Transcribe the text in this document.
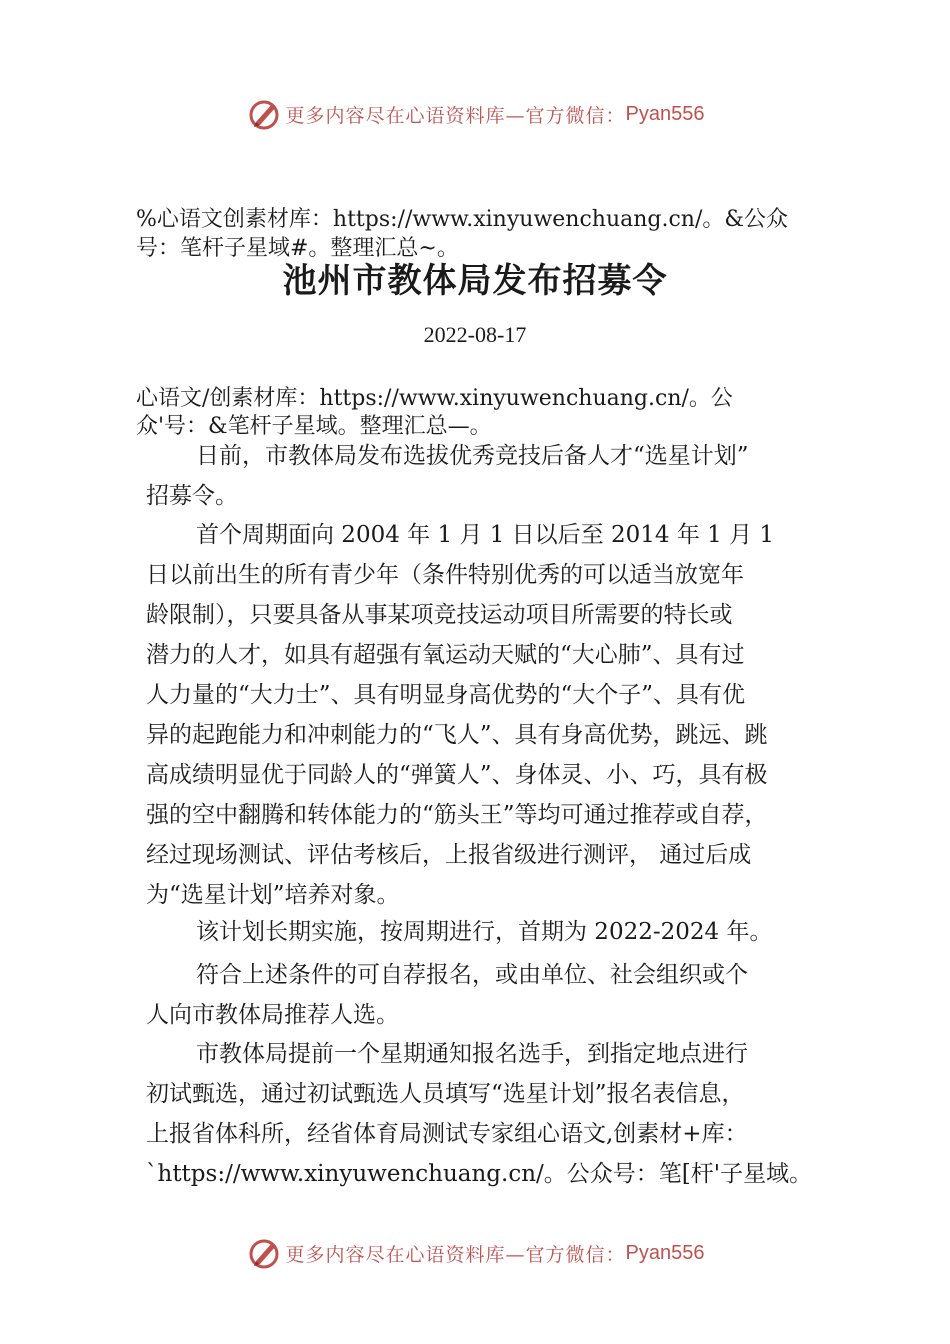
更多内容尽在心语资料库—官方微信： Pyan556
%心语文创素材库：https://www.xinyuwenchuang.cn/。&公众
号：笔杆子星域#。整理汇总~。
池州市教体局发布招募令
2022-08-17
心语文/创素材库：https://www.xinyuwenchuang.cn/。公
众'号：&笔杆子星域。整理汇总—。
日前，市教体局发布选拔优秀竞技后备人才“选星计划”
招募令。
首个周期面向 2004 年 1 月 1 日以后至 2014 年 1 月 1
日以前出生的所有青少年（条件特别优秀的可以适当放宽年
龄限制），只要具备从事某项竞技运动项目所需要的特长或
潜力的人才，如具有超强有氧运动天赋的“大心肺”、具有过
人力量的“大力士”、具有明显身高优势的“大个子”、具有优
异的起跑能力和冲刺能力的“飞人”、具有身高优势，跳远、跳
高成绩明显优于同龄人的“弹簧人”、身体灵、小、巧，具有极
强的空中翻腾和转体能力的“筋头王”等均可通过推荐或自荐，
经过现场测试、评估考核后，上报省级进行测评， 通过后成
为“选星计划”培养对象。
该计划长期实施，按周期进行，首期为 2022-2024 年。
符合上述条件的可自荐报名，或由单位、社会组织或个
人向市教体局推荐人选。
市教体局提前一个星期通知报名选手，到指定地点进行
初试甄选，通过初试甄选人员填写“选星计划”报名表信息，
上报省体科所，经省体育局测试专家组心语文,创素材+库：
`https://www.xinyuwenchuang.cn/。公众号：笔[杆'子星域。
更多内容尽在心语资料库—官方微信： Pyan556
